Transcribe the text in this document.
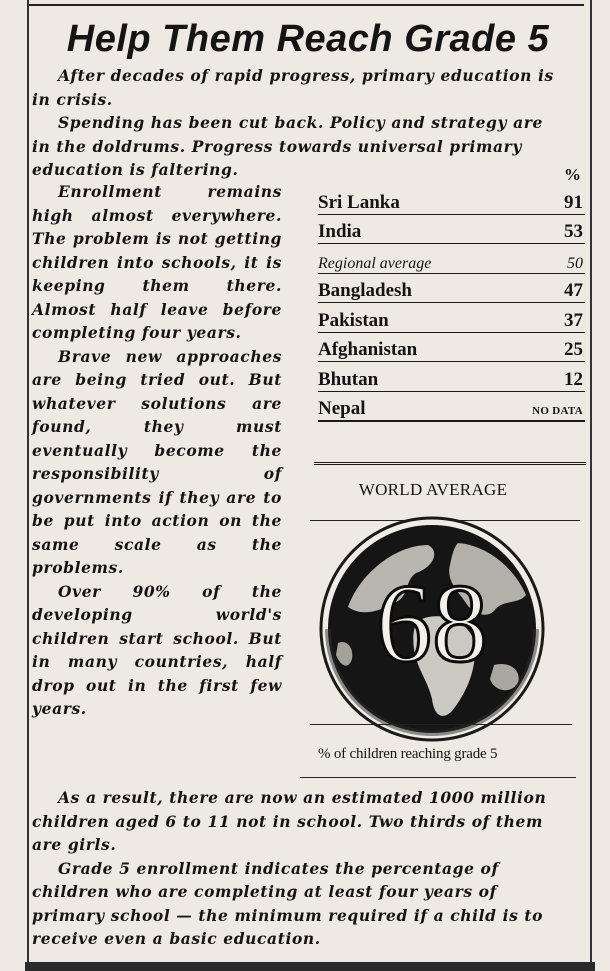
Help Them Reach Grade 5

After decades of rapid progress, primary education is in crisis.

Spending has been cut back. Policy and strategy are in the doldrums. Progress towards universal primary education is faltering.

Enrollment remains high almost everywhere. The problem is not getting children into schools, it is keeping them there. Almost half leave before completing four years.

Brave new approaches are being tried out. But whatever solutions are found, they must eventually become the responsibility of governments if they are to be put into action on the same scale as the problems.

Over 90% of the developing world's children start school. But in many countries, half drop out in the first few years.

%
Sri Lanka	91
India	53
Regional average	50
Bangladesh	47
Pakistan	37
Afghanistan	25
Bhutan	12
Nepal	NO DATA
WORLD AVERAGE
68
% of children reaching grade 5

As a result, there are now an estimated 1000 million children aged 6 to 11 not in school. Two thirds of them are girls.

Grade 5 enrollment indicates the percentage of children who are completing at least four years of primary school — the minimum required if a child is to receive even a basic education.
